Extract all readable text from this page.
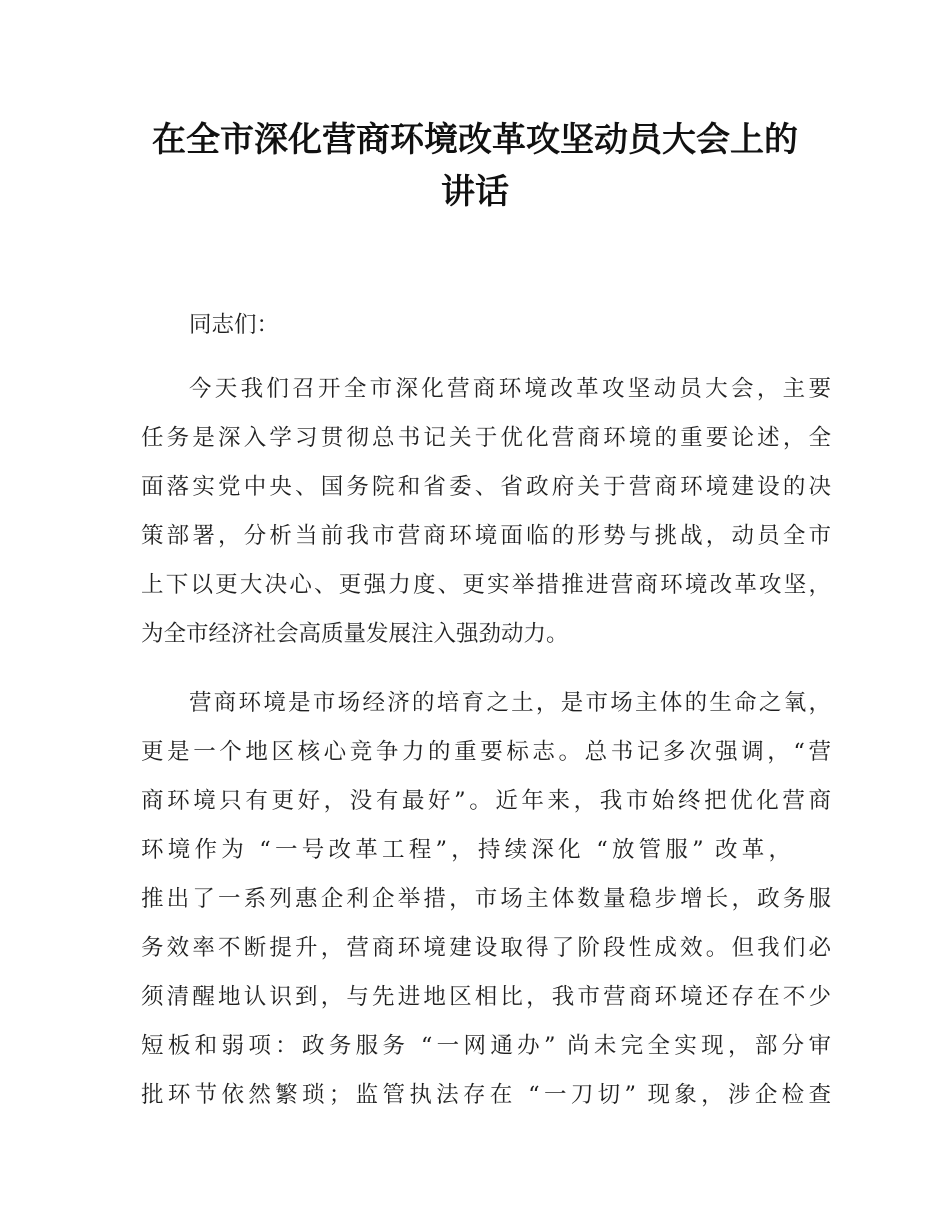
在全市深化营商环境改革攻坚动员大会上的
讲话
同志们：
今天我们召开全市深化营商环境改革攻坚动员大会，主要
任务是深入学习贯彻总书记关于优化营商环境的重要论述，全
面落实党中央、国务院和省委、省政府关于营商环境建设的决
策部署，分析当前我市营商环境面临的形势与挑战，动员全市
上下以更大决心、更强力度、更实举措推进营商环境改革攻坚，
为全市经济社会高质量发展注入强劲动力。
营商环境是市场经济的培育之土，是市场主体的生命之氧，
更是一个地区核心竞争力的重要标志。总书记多次强调，“营
商环境只有更好，没有最好”。近年来，我市始终把优化营商
环境作为 “一号改革工程”，持续深化 “放管服” 改革，
推出了一系列惠企利企举措，市场主体数量稳步增长，政务服
务效率不断提升，营商环境建设取得了阶段性成效。但我们必
须清醒地认识到，与先进地区相比，我市营商环境还存在不少
短板和弱项：政务服务 “一网通办” 尚未完全实现，部分审
批环节依然繁琐；监管执法存在 “一刀切” 现象，涉企检查
